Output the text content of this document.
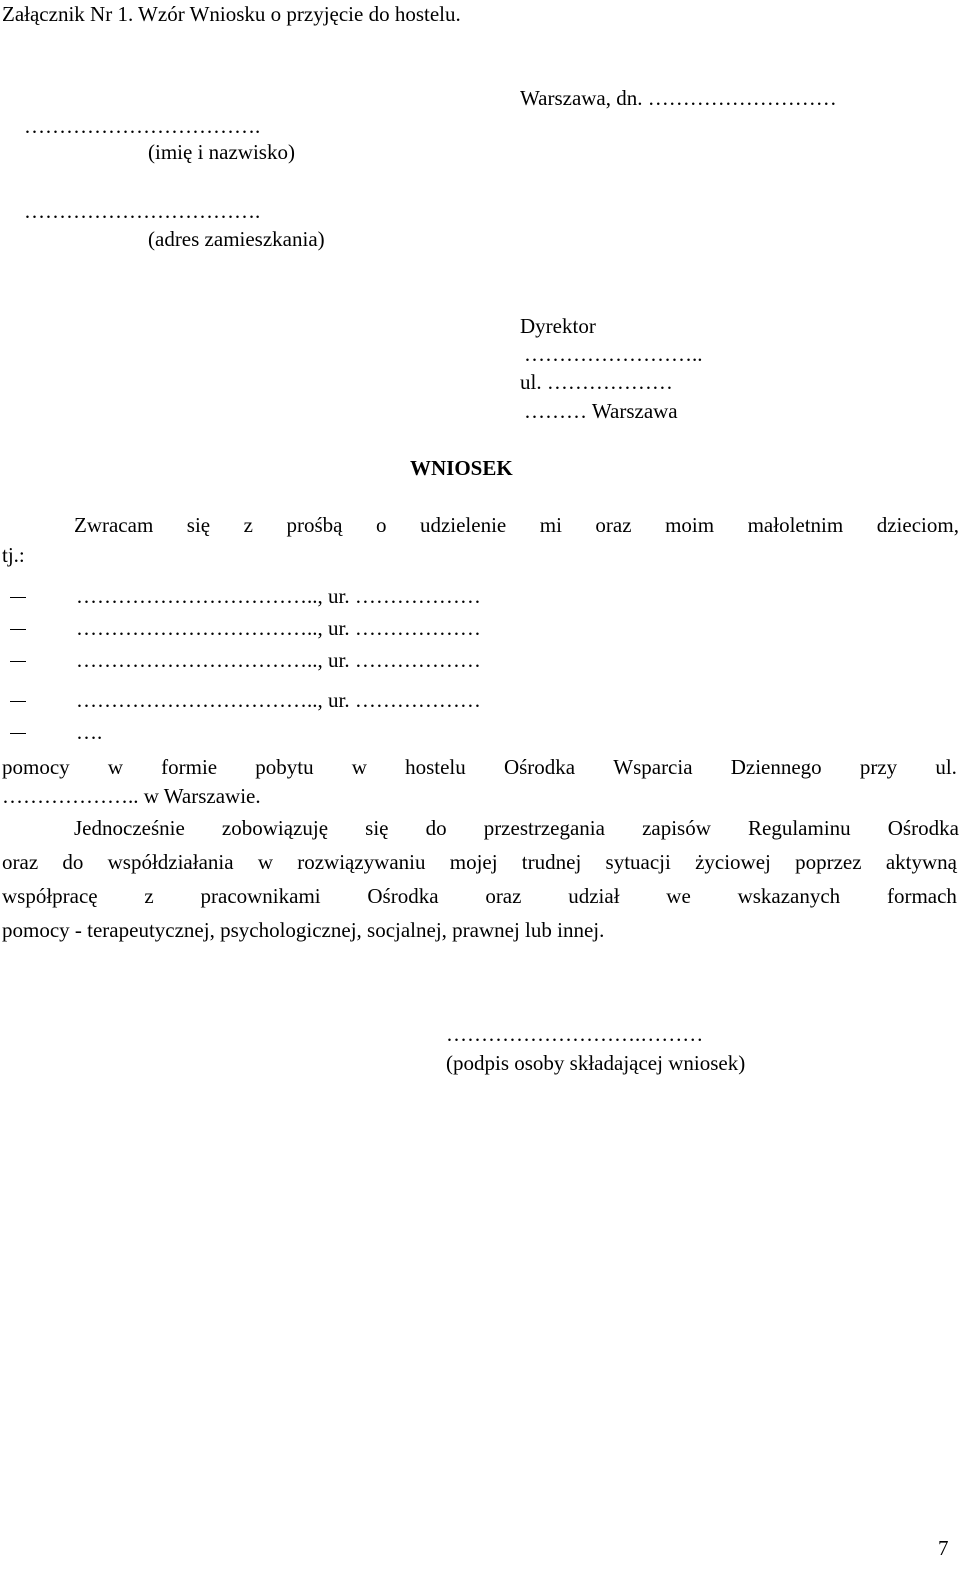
Załącznik Nr 1. Wzór Wniosku o przyjęcie do hostelu.
Warszawa, dn. ………………………
…………………………….
(imię i nazwisko)
…………………………….
(adres zamieszkania)
Dyrektor
……………………..
ul. ………………
……… Warszawa
WNIOSEK
Zwracam się z prośbą o udzielenie mi oraz moim małoletnim dzieciom,
tj.:
…………………………….., ur. ………………
…………………………….., ur. ………………
…………………………….., ur. ………………
…………………………….., ur. ………………
….
pomocy w formie pobytu w hostelu Ośrodka Wsparcia Dziennego przy ul.
……………….. w Warszawie.
Jednocześnie zobowiązuję się do przestrzegania zapisów Regulaminu Ośrodka
oraz do współdziałania w rozwiązywaniu mojej trudnej sytuacji życiowej poprzez aktywną
współpracę z pracownikami Ośrodka oraz udział we wskazanych formach
pomocy - terapeutycznej, psychologicznej, socjalnej, prawnej lub innej.
……………………….………
(podpis osoby składającej wniosek)
7
